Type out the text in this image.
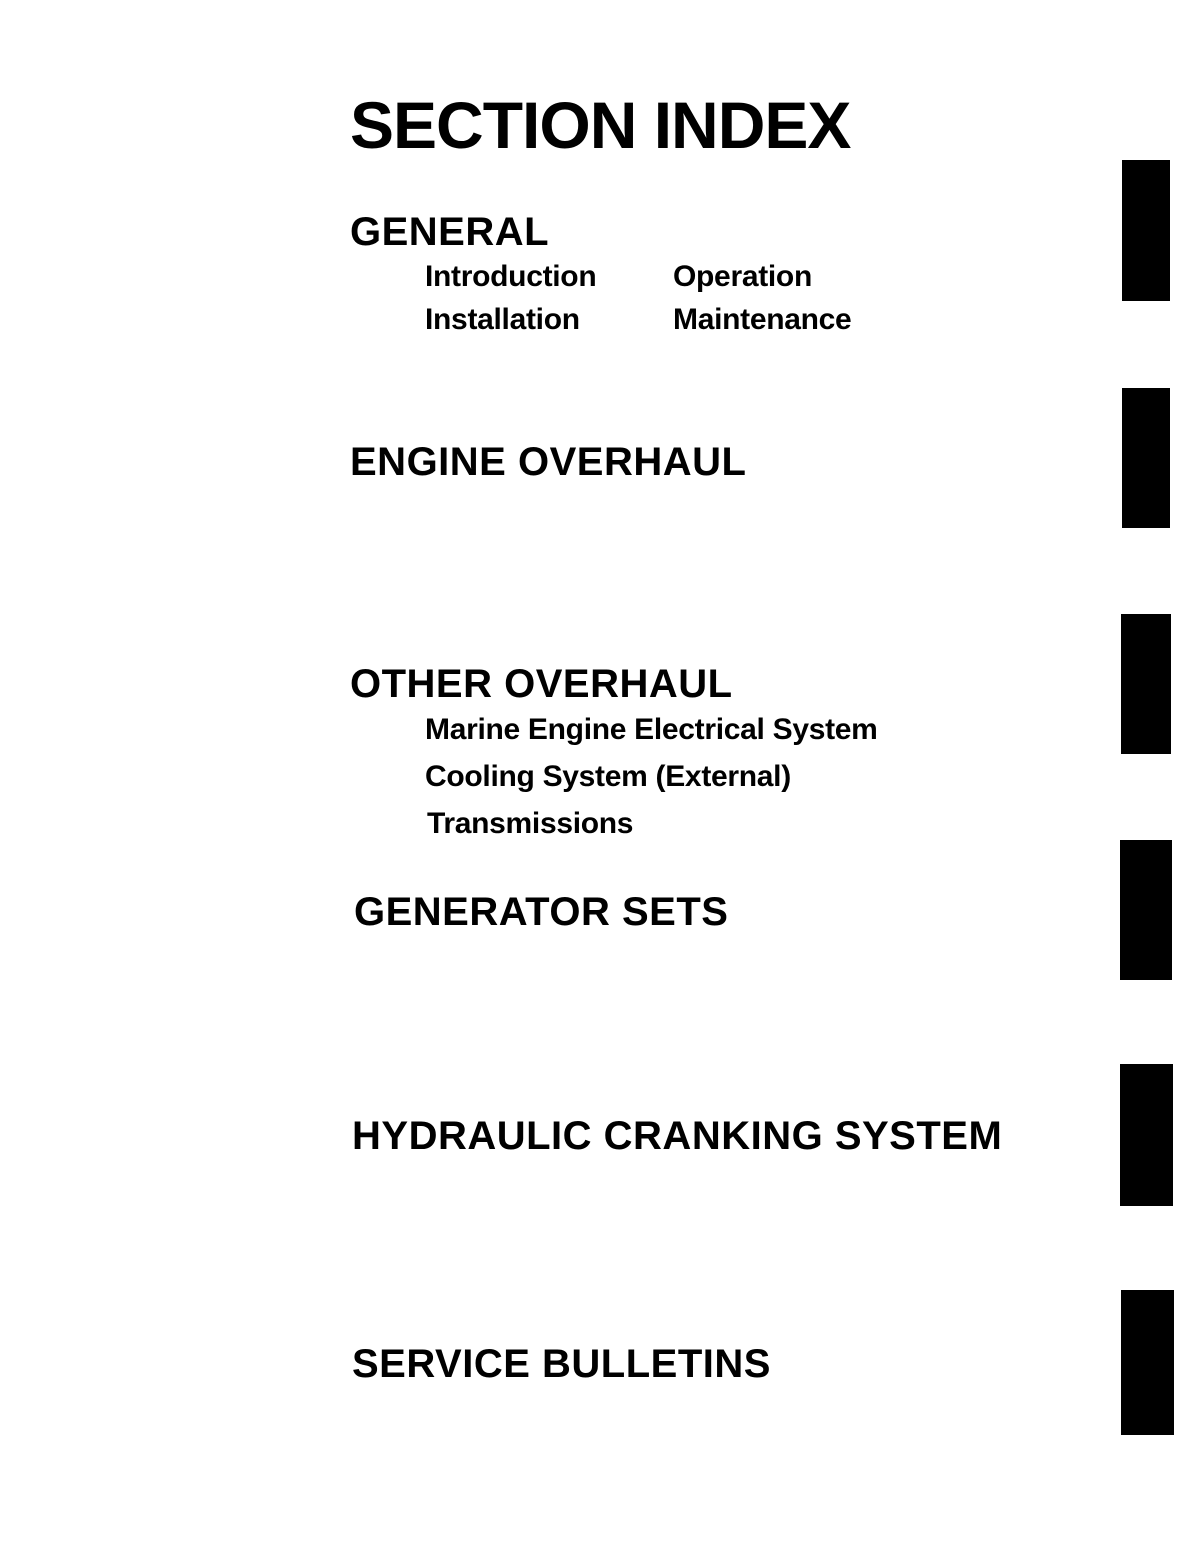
SECTION INDEX
GENERAL
Introduction	Operation
Installation	Maintenance
ENGINE OVERHAUL
OTHER OVERHAUL
Marine Engine Electrical System
Cooling System (External)
Transmissions
GENERATOR SETS
HYDRAULIC CRANKING SYSTEM
SERVICE BULLETINS
